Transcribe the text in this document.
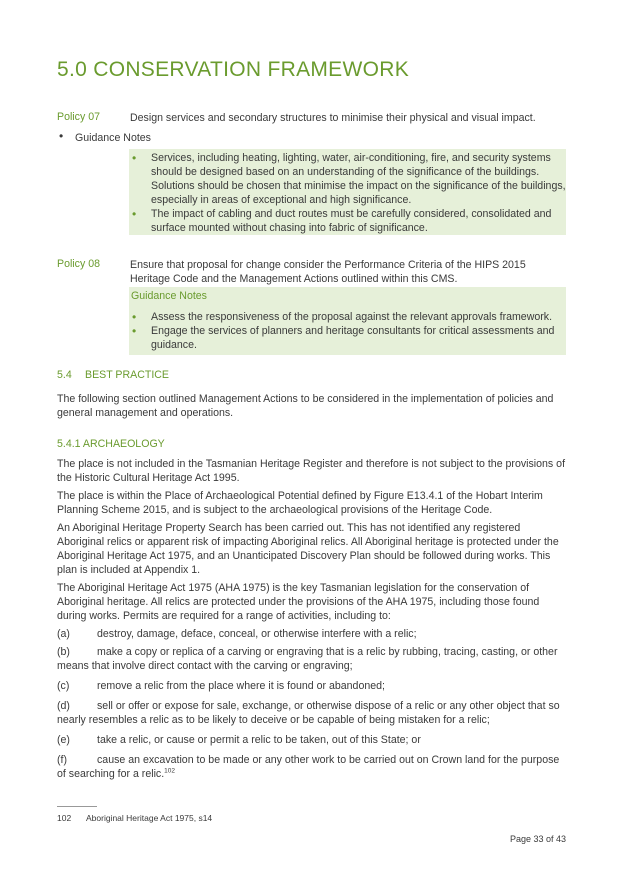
5.0 CONSERVATION FRAMEWORK
Policy 07	Design services and secondary structures to minimise their physical and visual impact.
• Guidance Notes
• Services, including heating, lighting, water, air-conditioning, fire, and security systems should be designed based on an understanding of the significance of the buildings. Solutions should be chosen that minimise the impact on the significance of the buildings, especially in areas of exceptional and high significance.
• The impact of cabling and duct routes must be carefully considered, consolidated and surface mounted without chasing into fabric of significance.
Policy 08	Ensure that proposal for change consider the Performance Criteria of the HIPS 2015 Heritage Code and the Management Actions outlined within this CMS.
Guidance Notes
• Assess the responsiveness of the proposal against the relevant approvals framework.
• Engage the services of planners and heritage consultants for critical assessments and guidance.
5.4 BEST PRACTICE
The following section outlined Management Actions to be considered in the implementation of policies and general management and operations.
5.4.1 ARCHAEOLOGY
The place is not included in the Tasmanian Heritage Register and therefore is not subject to the provisions of the Historic Cultural Heritage Act 1995.
The place is within the Place of Archaeological Potential defined by Figure E13.4.1 of the Hobart Interim Planning Scheme 2015, and is subject to the archaeological provisions of the Heritage Code.
An Aboriginal Heritage Property Search has been carried out. This has not identified any registered Aboriginal relics or apparent risk of impacting Aboriginal relics. All Aboriginal heritage is protected under the Aboriginal Heritage Act 1975, and an Unanticipated Discovery Plan should be followed during works. This plan is included at Appendix 1.
The Aboriginal Heritage Act 1975 (AHA 1975) is the key Tasmanian legislation for the conservation of Aboriginal heritage. All relics are protected under the provisions of the AHA 1975, including those found during works. Permits are required for a range of activities, including to:
(a)	destroy, damage, deface, conceal, or otherwise interfere with a relic;
(b)	make a copy or replica of a carving or engraving that is a relic by rubbing, tracing, casting, or other means that involve direct contact with the carving or engraving;
(c)	remove a relic from the place where it is found or abandoned;
(d)	sell or offer or expose for sale, exchange, or otherwise dispose of a relic or any other object that so nearly resembles a relic as to be likely to deceive or be capable of being mistaken for a relic;
(e)	take a relic, or cause or permit a relic to be taken, out of this State; or
(f)	cause an excavation to be made or any other work to be carried out on Crown land for the purpose of searching for a relic.$^{102}$
102 Aboriginal Heritage Act 1975, s14
Page 33 of 43
